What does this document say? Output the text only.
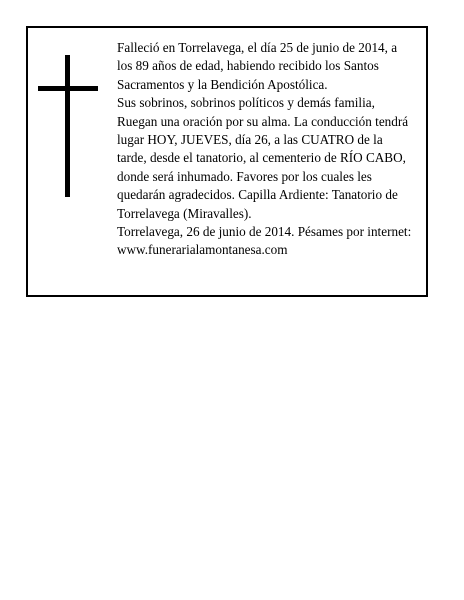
Falleció en Torrelavega, el día 25 de junio de 2014, a
los 89 años de edad, habiendo recibido los Santos
Sacramentos y la Bendición Apostólica.
Sus sobrinos, sobrinos políticos y demás familia,
Ruegan una oración por su alma. La conducción tendrá
lugar HOY, JUEVES, día 26, a las CUATRO de la
tarde, desde el tanatorio, al cementerio de RÍO CABO,
donde será inhumado. Favores por los cuales les
quedarán agradecidos. Capilla Ardiente: Tanatorio de
Torrelavega (Miravalles).
Torrelavega, 26 de junio de 2014. Pésames por internet:
www.funerarialamontanesa.com
